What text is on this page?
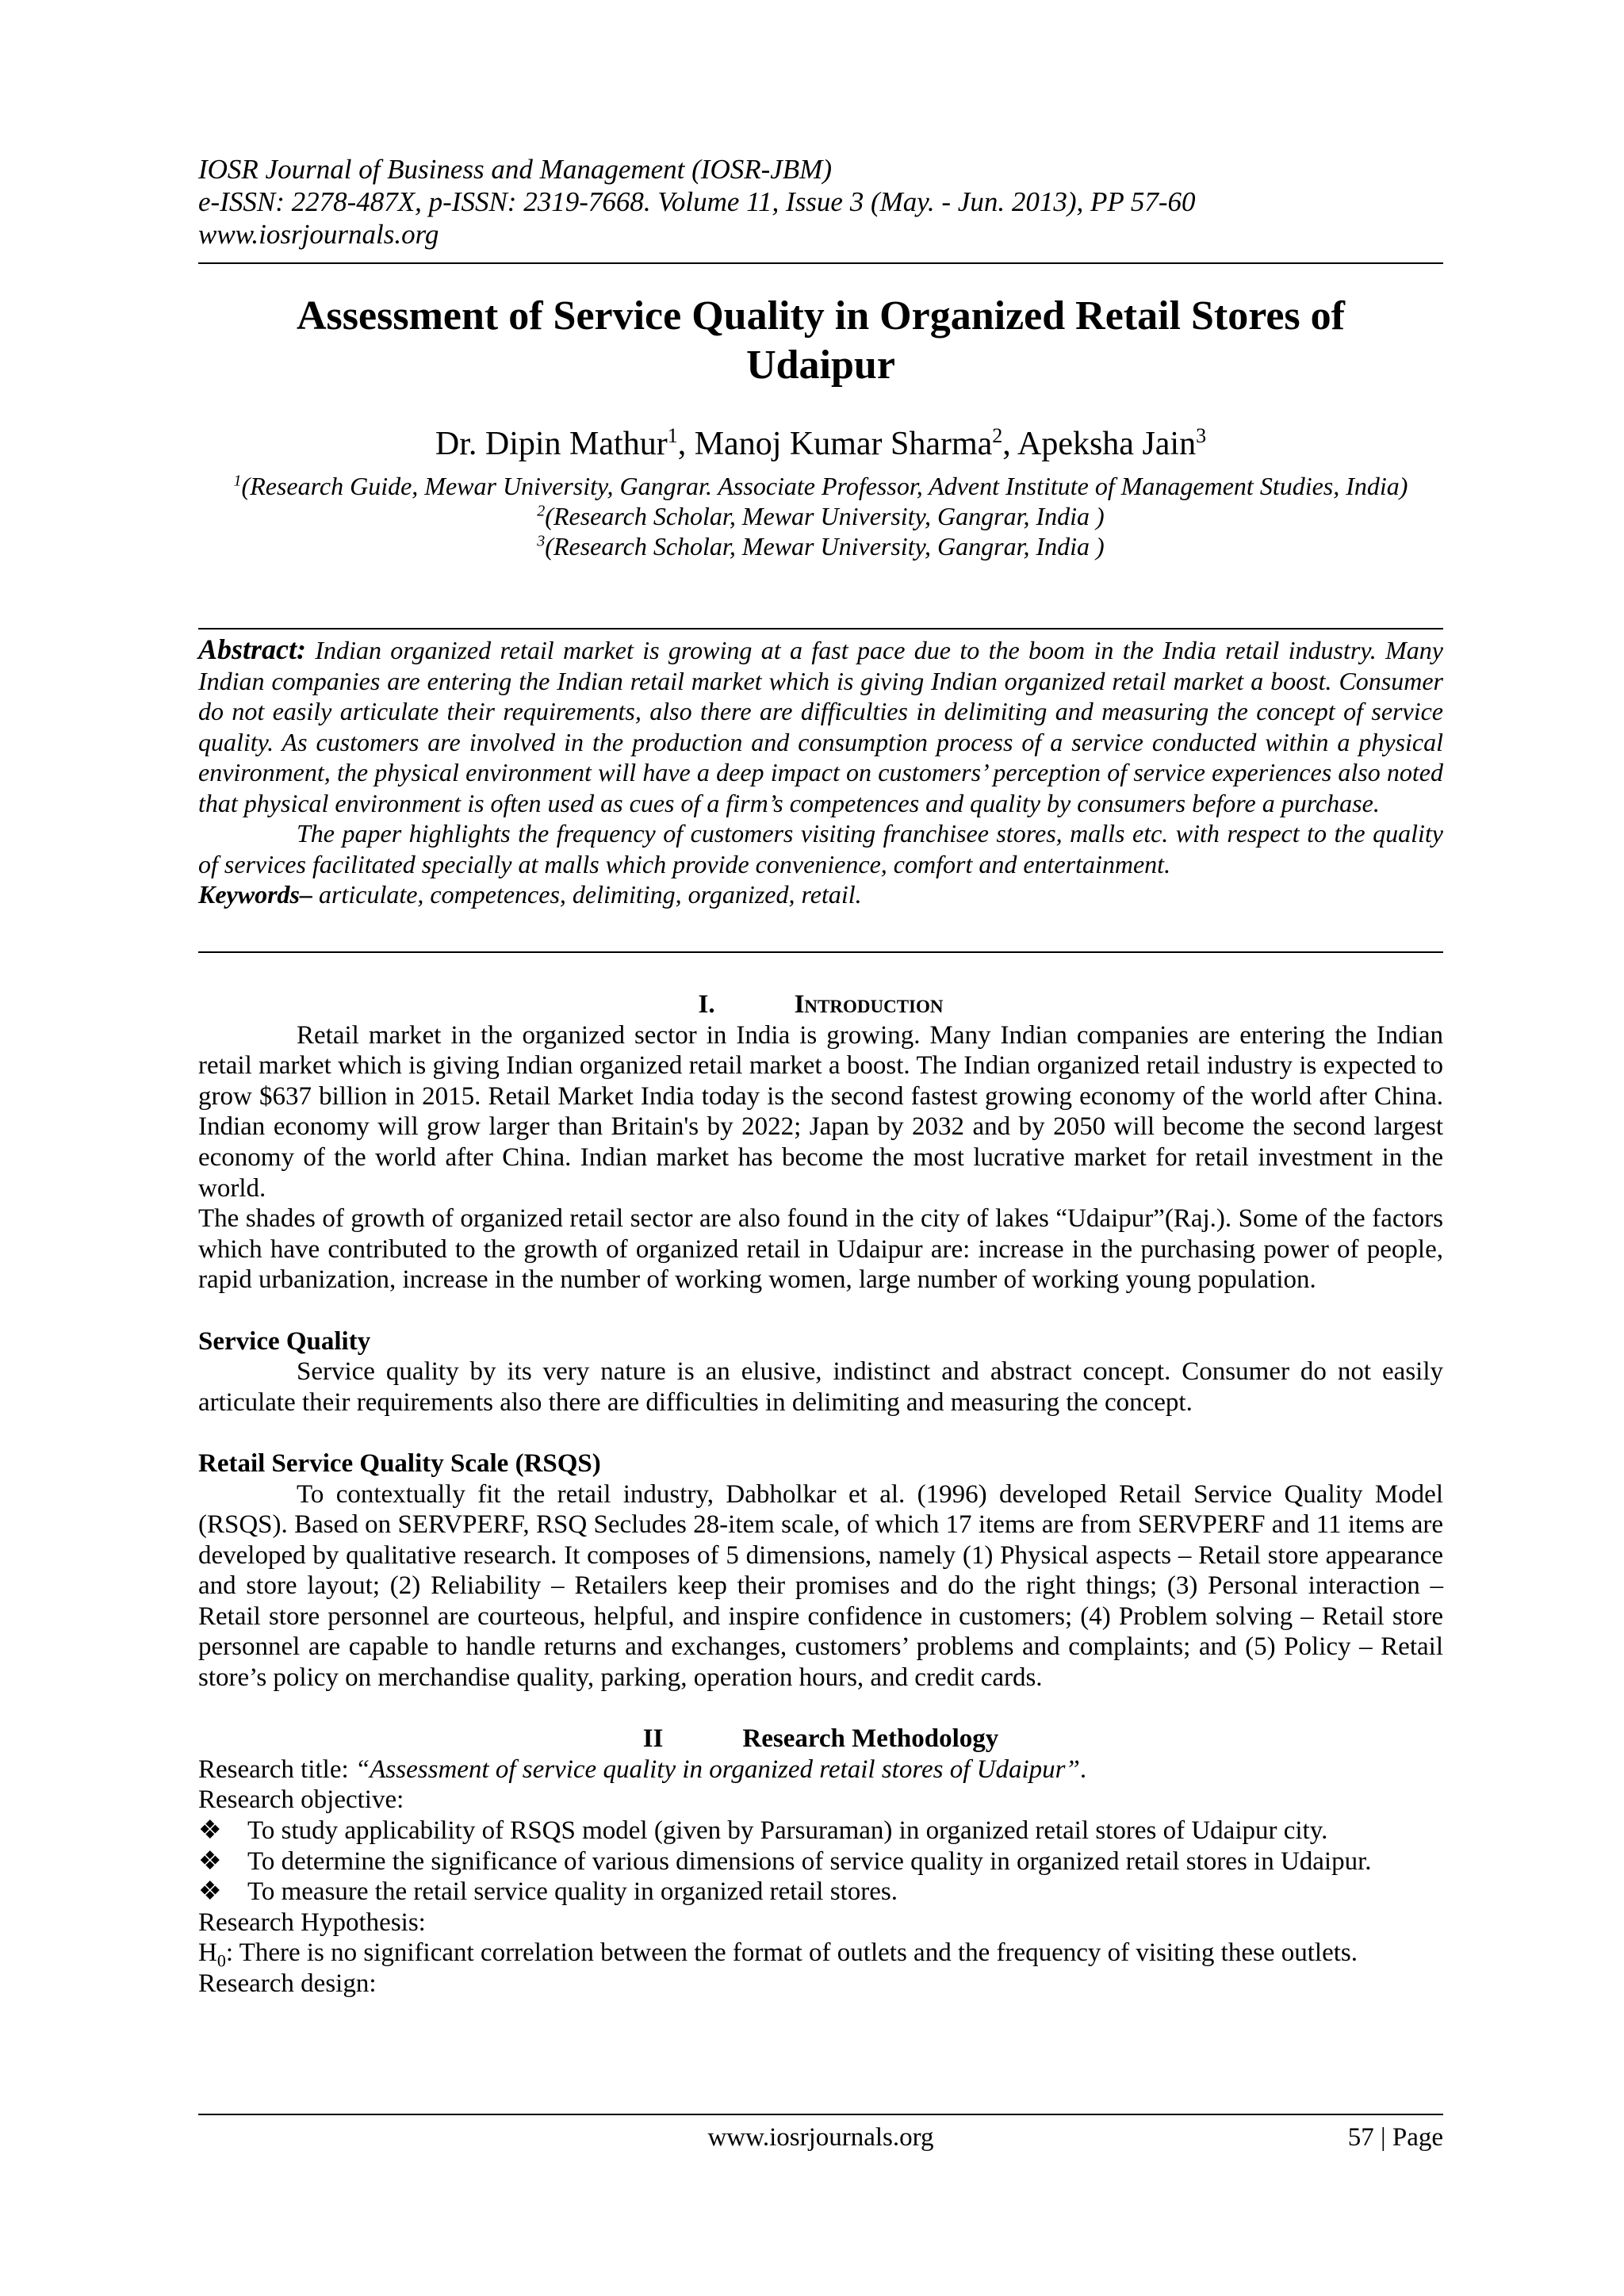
IOSR Journal of Business and Management (IOSR-JBM)
e-ISSN: 2278-487X, p-ISSN: 2319-7668. Volume 11, Issue 3 (May. - Jun. 2013), PP 57-60
www.iosrjournals.org
Assessment of Service Quality in Organized Retail Stores of
Udaipur
Dr. Dipin Mathur$^1$, Manoj Kumar Sharma$^2$, Apeksha Jain$^3$
$^1$(Research Guide, Mewar University, Gangrar. Associate Professor, Advent Institute of Management Studies, India)
$^2$(Research Scholar, Mewar University, Gangrar, India )
$^3$(Research Scholar, Mewar University, Gangrar, India )

Abstract: Indian organized retail market is growing at a fast pace due to the boom in the India retail industry. Many Indian companies are entering the Indian retail market which is giving Indian organized retail market a boost. Consumer do not easily articulate their requirements, also there are difficulties in delimiting and measuring the concept of service quality. As customers are involved in the production and consumption process of a service conducted within a physical environment, the physical environment will have a deep impact on customers’ perception of service experiences also noted that physical environment is often used as cues of a firm’s competences and quality by consumers before a purchase.

The paper highlights the frequency of customers visiting franchisee stores, malls etc. with respect to the quality of services facilitated specially at malls which provide convenience, comfort and entertainment.

Keywords– articulate, competences, delimiting, organized, retail.

I.	Introduction

Retail market in the organized sector in India is growing. Many Indian companies are entering the Indian retail market which is giving Indian organized retail market a boost. The Indian organized retail industry is expected to grow $637 billion in 2015. Retail Market India today is the second fastest growing economy of the world after China. Indian economy will grow larger than Britain's by 2022; Japan by 2032 and by 2050 will become the second largest economy of the world after China. Indian market has become the most lucrative market for retail investment in the world.

The shades of growth of organized retail sector are also found in the city of lakes “Udaipur”(Raj.). Some of the factors which have contributed to the growth of organized retail in Udaipur are: increase in the purchasing power of people, rapid urbanization, increase in the number of working women, large number of working young population.

Service Quality

Service quality by its very nature is an elusive, indistinct and abstract concept. Consumer do not easily articulate their requirements also there are difficulties in delimiting and measuring the concept.

Retail Service Quality Scale (RSQS)

To contextually fit the retail industry, Dabholkar et al. (1996) developed Retail Service Quality Model (RSQS). Based on SERVPERF, RSQ Secludes 28-item scale, of which 17 items are from SERVPERF and 11 items are developed by qualitative research. It composes of 5 dimensions, namely (1) Physical aspects – Retail store appearance and store layout; (2) Reliability – Retailers keep their promises and do the right things; (3) Personal interaction – Retail store personnel are courteous, helpful, and inspire confidence in customers; (4) Problem solving – Retail store personnel are capable to handle returns and exchanges, customers’ problems and complaints; and (5) Policy – Retail store’s policy on merchandise quality, parking, operation hours, and credit cards.

II	Research Methodology

Research title: “Assessment of service quality in organized retail stores of Udaipur”.

Research objective:

❖ To study applicability of RSQS model (given by Parsuraman) in organized retail stores of Udaipur city.
❖ To determine the significance of various dimensions of service quality in organized retail stores in Udaipur.
❖ To measure the retail service quality in organized retail stores.

Research Hypothesis:

$H_0$: There is no significant correlation between the format of outlets and the frequency of visiting these outlets.

Research design:

www.iosrjournals.org	57 | Page
